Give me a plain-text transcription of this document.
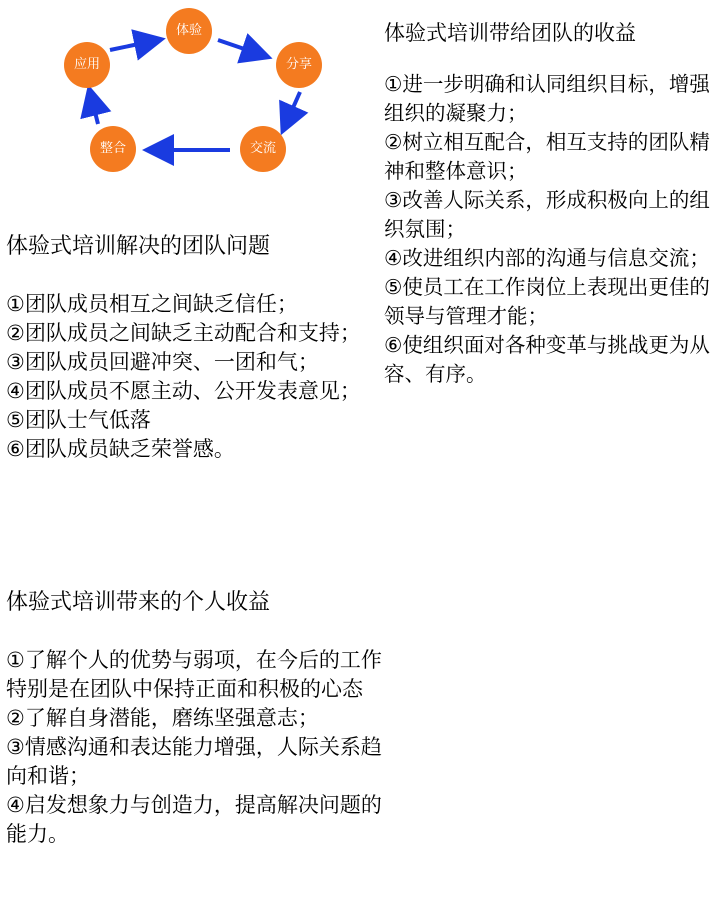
体验
分享
交流
整合
应用
体验式培训带给团队的收益
①进一步明确和认同组织目标，增强组织的凝聚力；
②树立相互配合，相互支持的团队精神和整体意识；
③改善人际关系，形成积极向上的组织氛围；
④改进组织内部的沟通与信息交流；
⑤使员工在工作岗位上表现出更佳的领导与管理才能；
⑥使组织面对各种变革与挑战更为从容、有序。
体验式培训解决的团队问题
①团队成员相互之间缺乏信任；
②团队成员之间缺乏主动配合和支持；
③团队成员回避冲突、一团和气；
④团队成员不愿主动、公开发表意见；
⑤团队士气低落
⑥团队成员缺乏荣誉感。
体验式培训带来的个人收益
①了解个人的优势与弱项，在今后的工作特别是在团队中保持正面和积极的心态
②了解自身潜能，磨练坚强意志；
③情感沟通和表达能力增强，人际关系趋向和谐；
④启发想象力与创造力，提高解决问题的能力。
